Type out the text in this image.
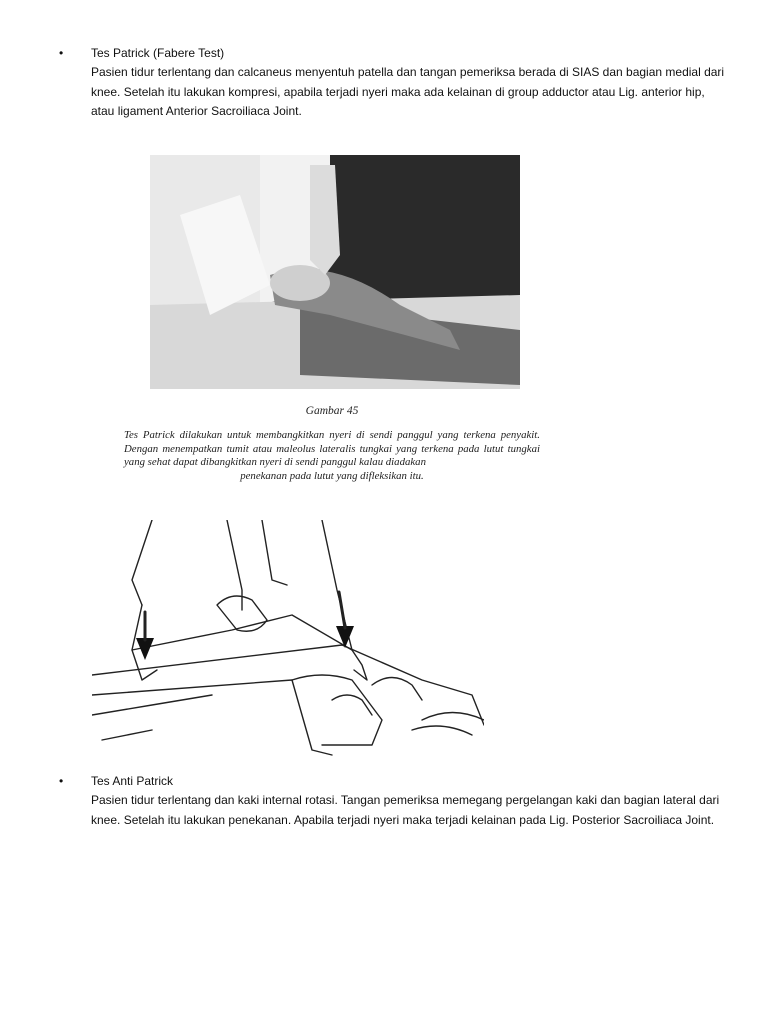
•	Tes Patrick (Fabere Test)
Pasien tidur terlentang dan calcaneus menyentuh patella dan tangan pemeriksa berada di SIAS dan bagian medial dari knee. Setelah itu lakukan kompresi, apabila terjadi nyeri maka ada kelainan di group adductor atau Lig. anterior hip, atau ligament Anterior Sacroiliaca Joint.
Gambar 45
Tes Patrick dilakukan untuk membangkitkan nyeri di sendi panggul yang terkena penyakit. Dengan menempatkan tumit atau maleolus lateralis tungkai yang terkena pada lutut tungkai yang sehat dapat dibangkitkan nyeri di sendi panggul kalau diadakan
penekanan pada lutut yang difleksikan itu.
•	Tes Anti Patrick
Pasien tidur terlentang dan kaki internal rotasi. Tangan pemeriksa memegang pergelangan kaki dan bagian lateral dari knee. Setelah itu lakukan penekanan. Apabila terjadi nyeri maka terjadi kelainan pada Lig. Posterior Sacroiliaca Joint.
